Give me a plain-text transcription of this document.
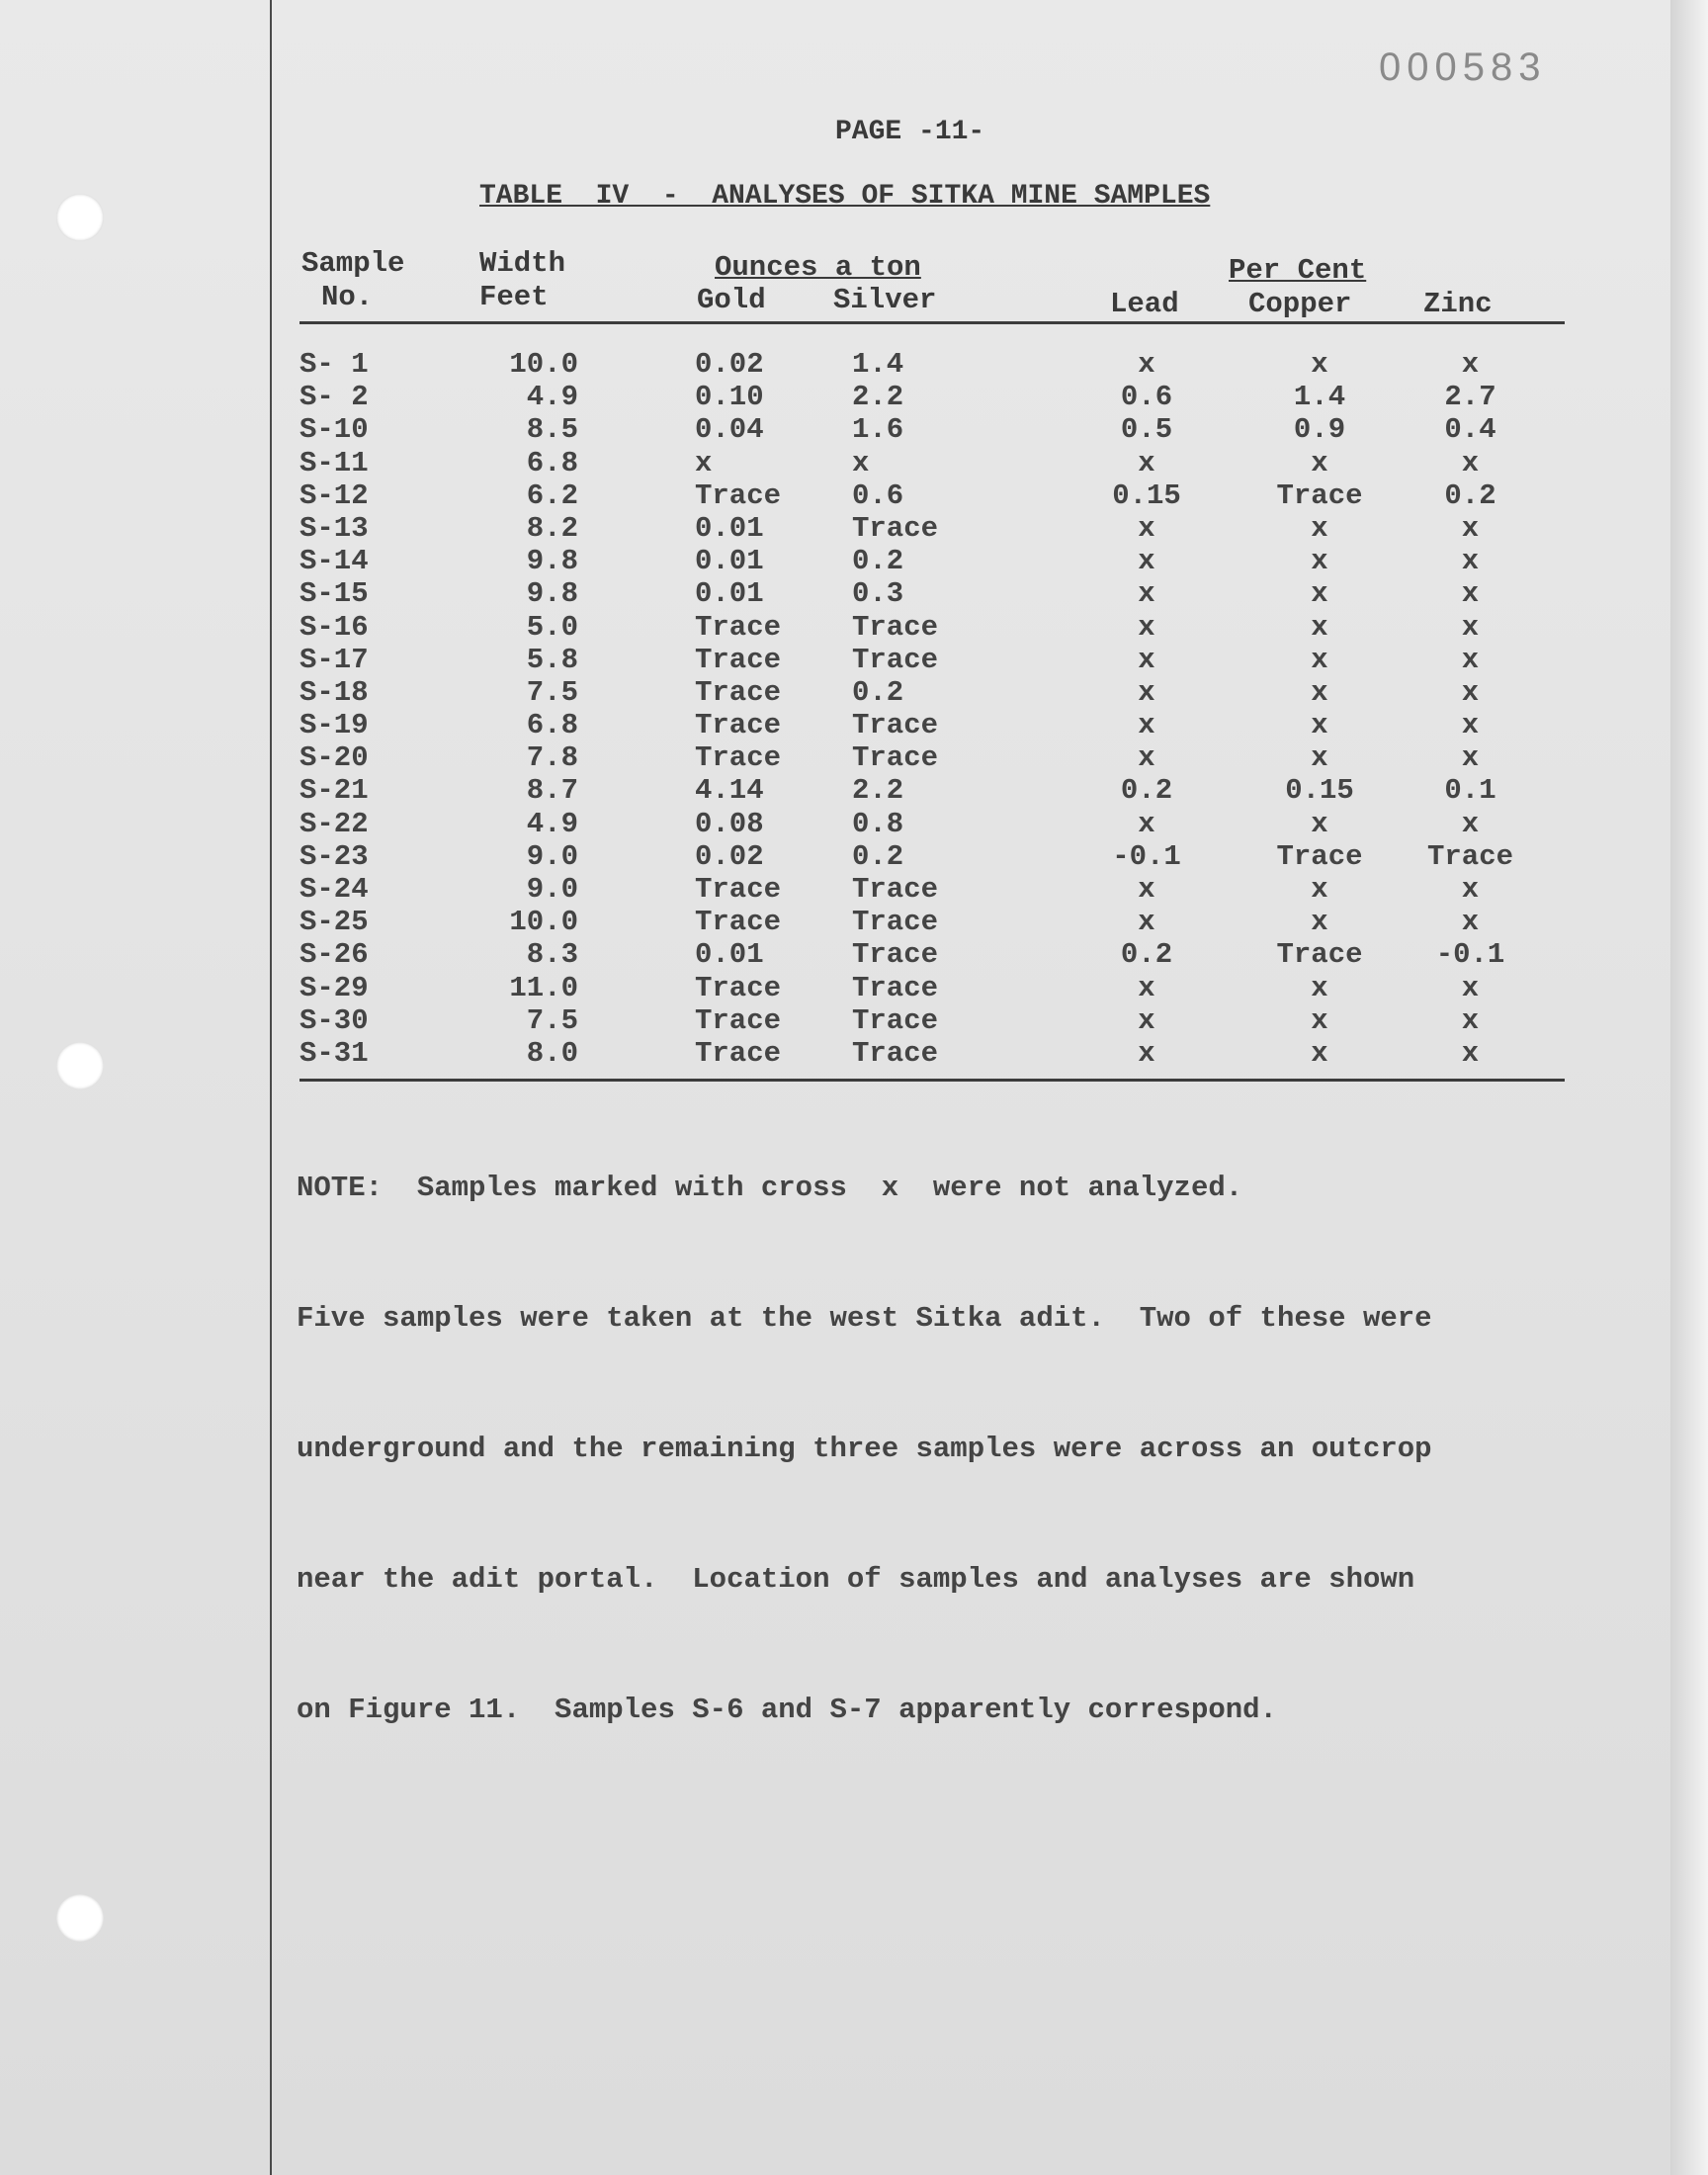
000583
PAGE -11-
TABLE  IV  -  ANALYSES OF SITKA MINE SAMPLES
Sample
No.
Width
Feet
Ounces a ton
Gold Silver
Per Cent
Lead Copper	Zinc
S- 1	10.0	0.02	1.4	x	x	x
S- 2	4.9	0.10	2.2	0.6	1.4	2.7
S-10	8.5	0.04	1.6	0.5	0.9	0.4
S-11	6.8	x	x	x	x	x
S-12	6.2	Trace 0.6	0.15	Trace	0.2
S-13	8.2	0.01	Trace	x	x	x
S-14	9.8	0.01	0.2	x	x	x
S-15	9.8	0.01	0.3	x	x	x
S-16	5.0	Trace Trace	x	x	x
S-17	5.8	Trace Trace	x	x	x
S-18	7.5	Trace 0.2	x	x	x
S-19	6.8	Trace Trace	x	x	x
S-20	7.8	Trace Trace	x	x	x
S-21	8.7	4.14	2.2	0.2	0.15	0.1
S-22	4.9	0.08	0.8	x	x	x
S-23	9.0	0.02	0.2	-0.1	Trace	Trace
S-24	9.0	Trace Trace	x	x	x
S-25	10.0	Trace Trace	x	x	x
S-26	8.3	0.01	Trace	0.2	Trace	-0.1
S-29	11.0	Trace Trace	x	x	x
S-30	7.5	Trace Trace	x	x	x
S-31	8.0	Trace Trace	x	x	x

NOTE:  Samples marked with cross  x  were not analyzed.

Five samples were taken at the west Sitka adit.  Two of these were

underground and the remaining three samples were across an outcrop

near the adit portal.  Location of samples and analyses are shown

on Figure 11.  Samples S-6 and S-7 apparently correspond.
